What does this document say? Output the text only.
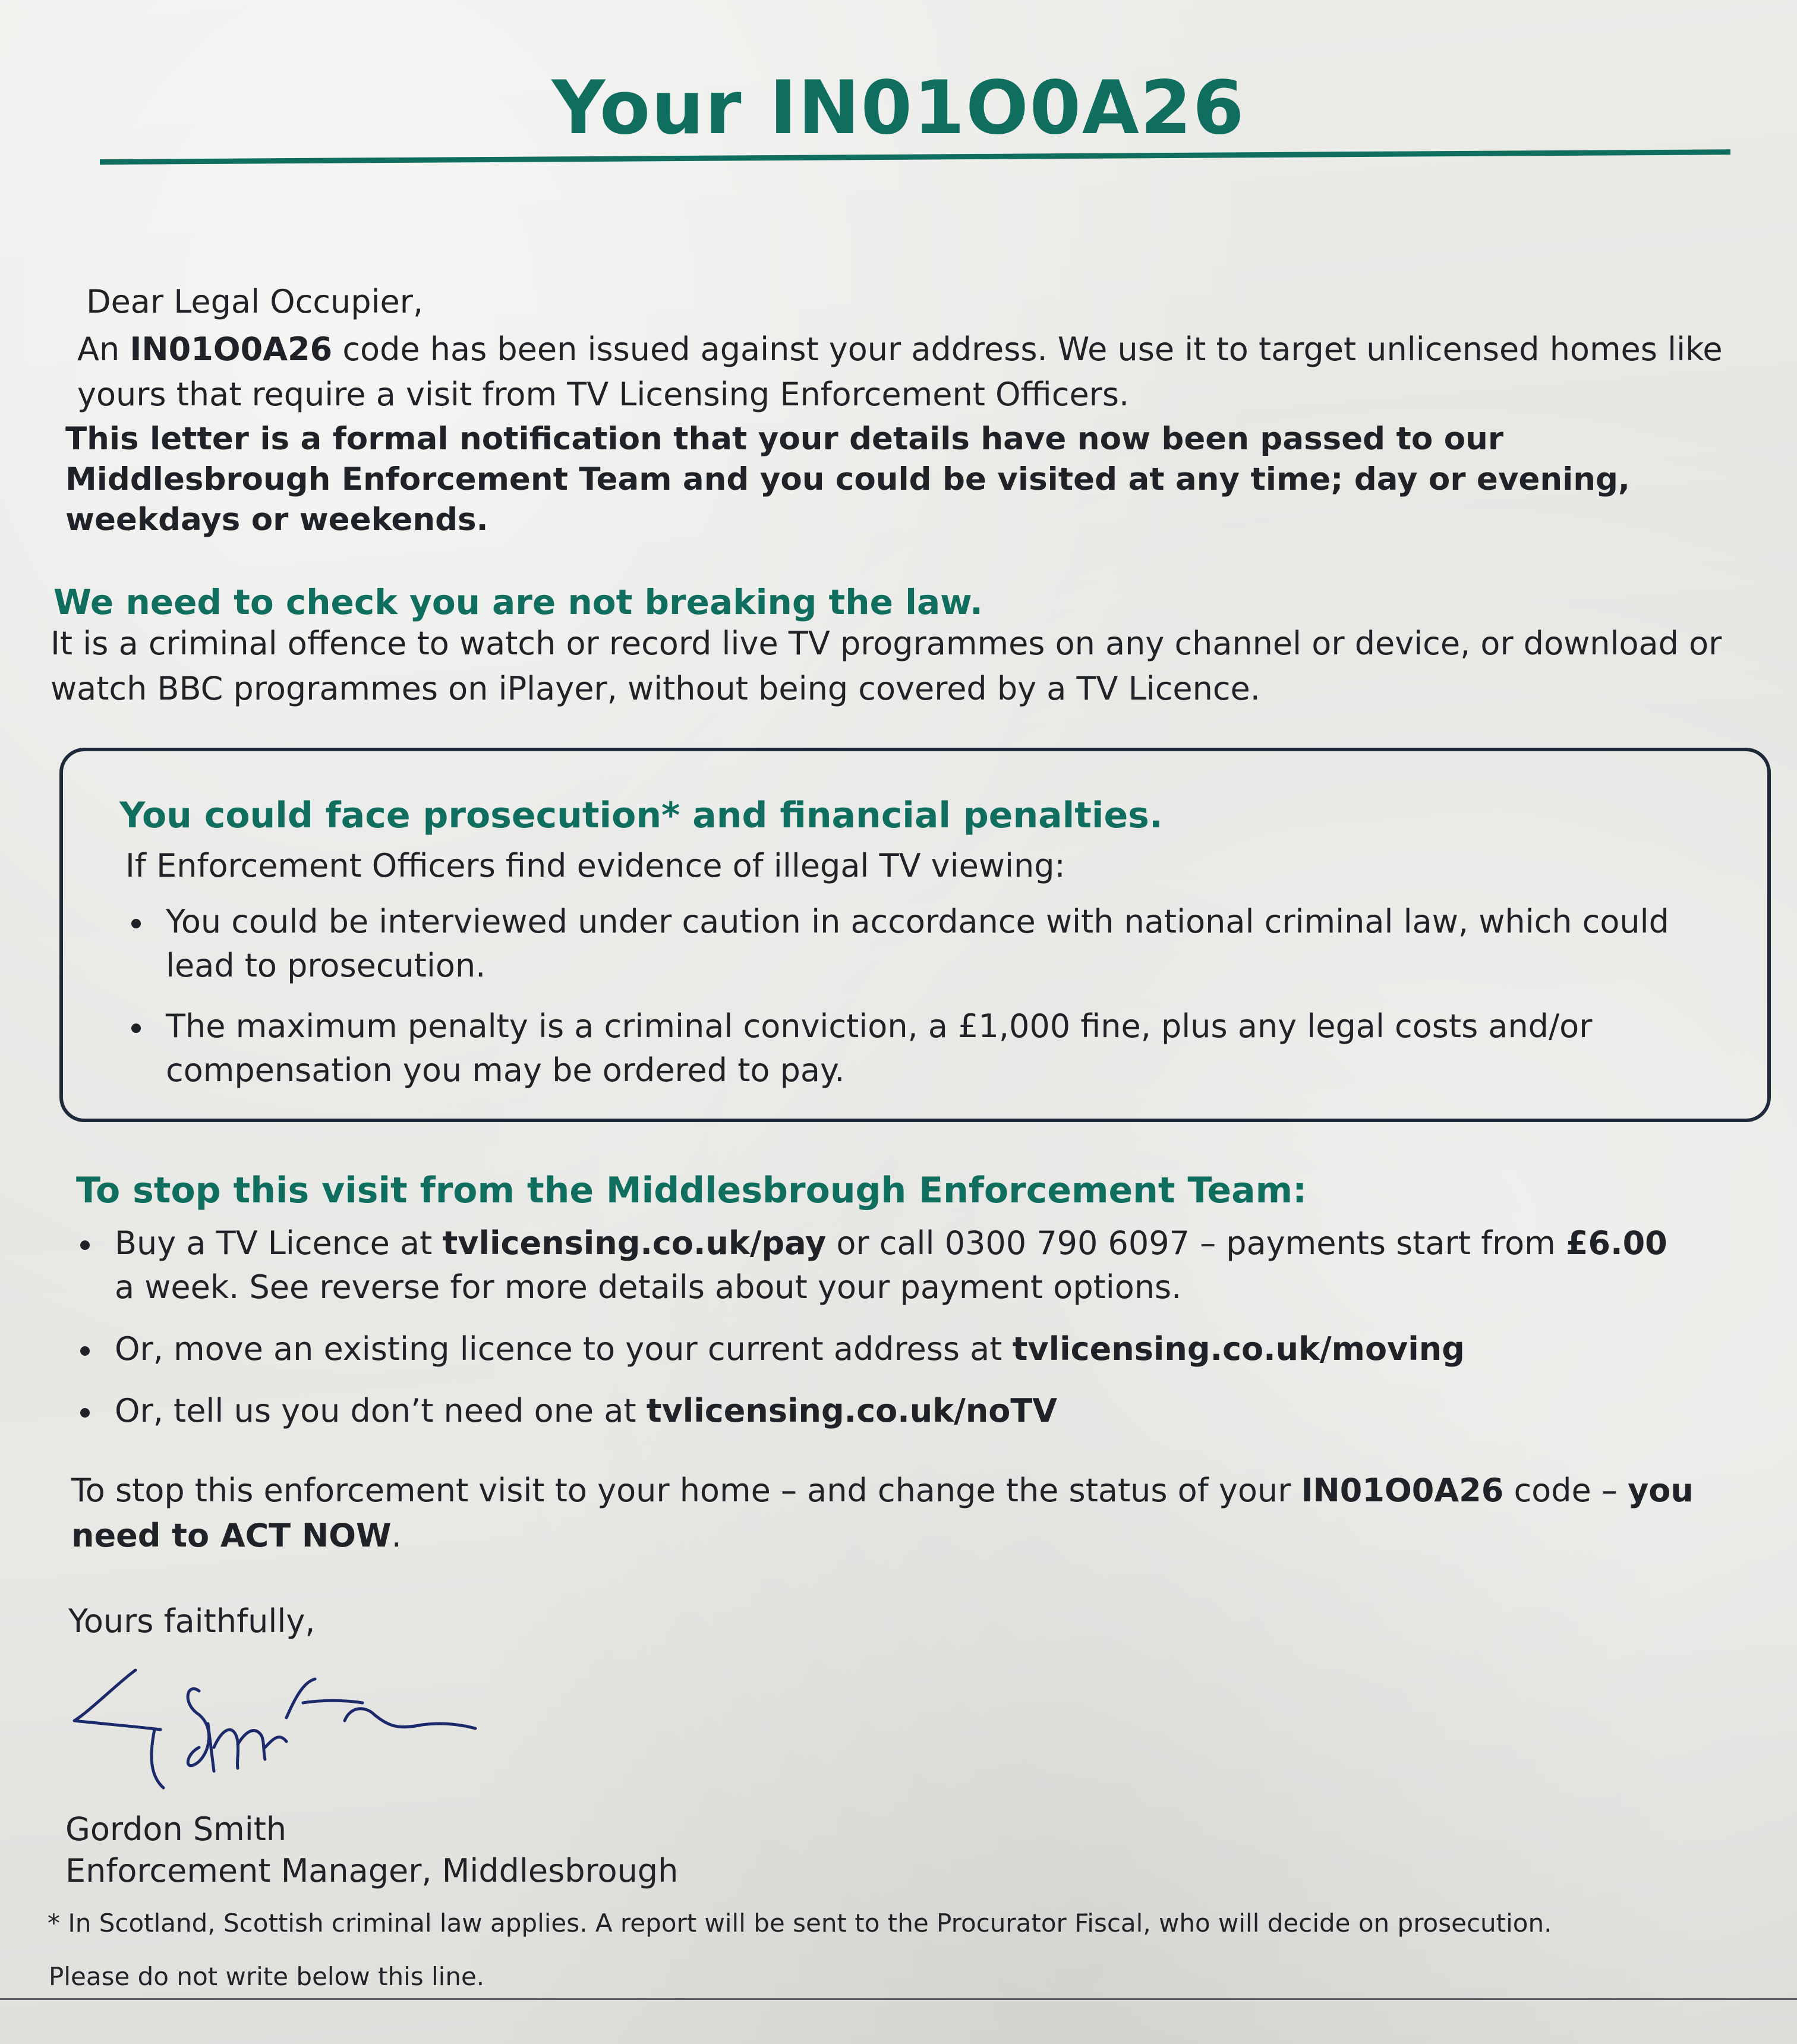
Your IN01O0A26
Dear Legal Occupier,
An IN01O0A26 code has been issued against your address. We use it to target unlicensed homes like yours that require a visit from TV Licensing Enforcement Officers.
This letter is a formal notification that your details have now been passed to our Middlesbrough Enforcement Team and you could be visited at any time; day or evening, weekdays or weekends.
We need to check you are not breaking the law.
It is a criminal offence to watch or record live TV programmes on any channel or device, or download or watch BBC programmes on iPlayer, without being covered by a TV Licence.
You could face prosecution* and financial penalties.
If Enforcement Officers find evidence of illegal TV viewing:
You could be interviewed under caution in accordance with national criminal law, which could lead to prosecution.
The maximum penalty is a criminal conviction, a £1,000 fine, plus any legal costs and/or compensation you may be ordered to pay.
To stop this visit from the Middlesbrough Enforcement Team:
Buy a TV Licence at tvlicensing.co.uk/pay or call 0300 790 6097 – payments start from £6.00 a week. See reverse for more details about your payment options.
Or, move an existing licence to your current address at tvlicensing.co.uk/moving
Or, tell us you don’t need one at tvlicensing.co.uk/noTV
To stop this enforcement visit to your home – and change the status of your IN01O0A26 code – you need to ACT NOW.
Yours faithfully,
Gordon Smith
Enforcement Manager, Middlesbrough
* In Scotland, Scottish criminal law applies. A report will be sent to the Procurator Fiscal, who will decide on prosecution.
Please do not write below this line.
